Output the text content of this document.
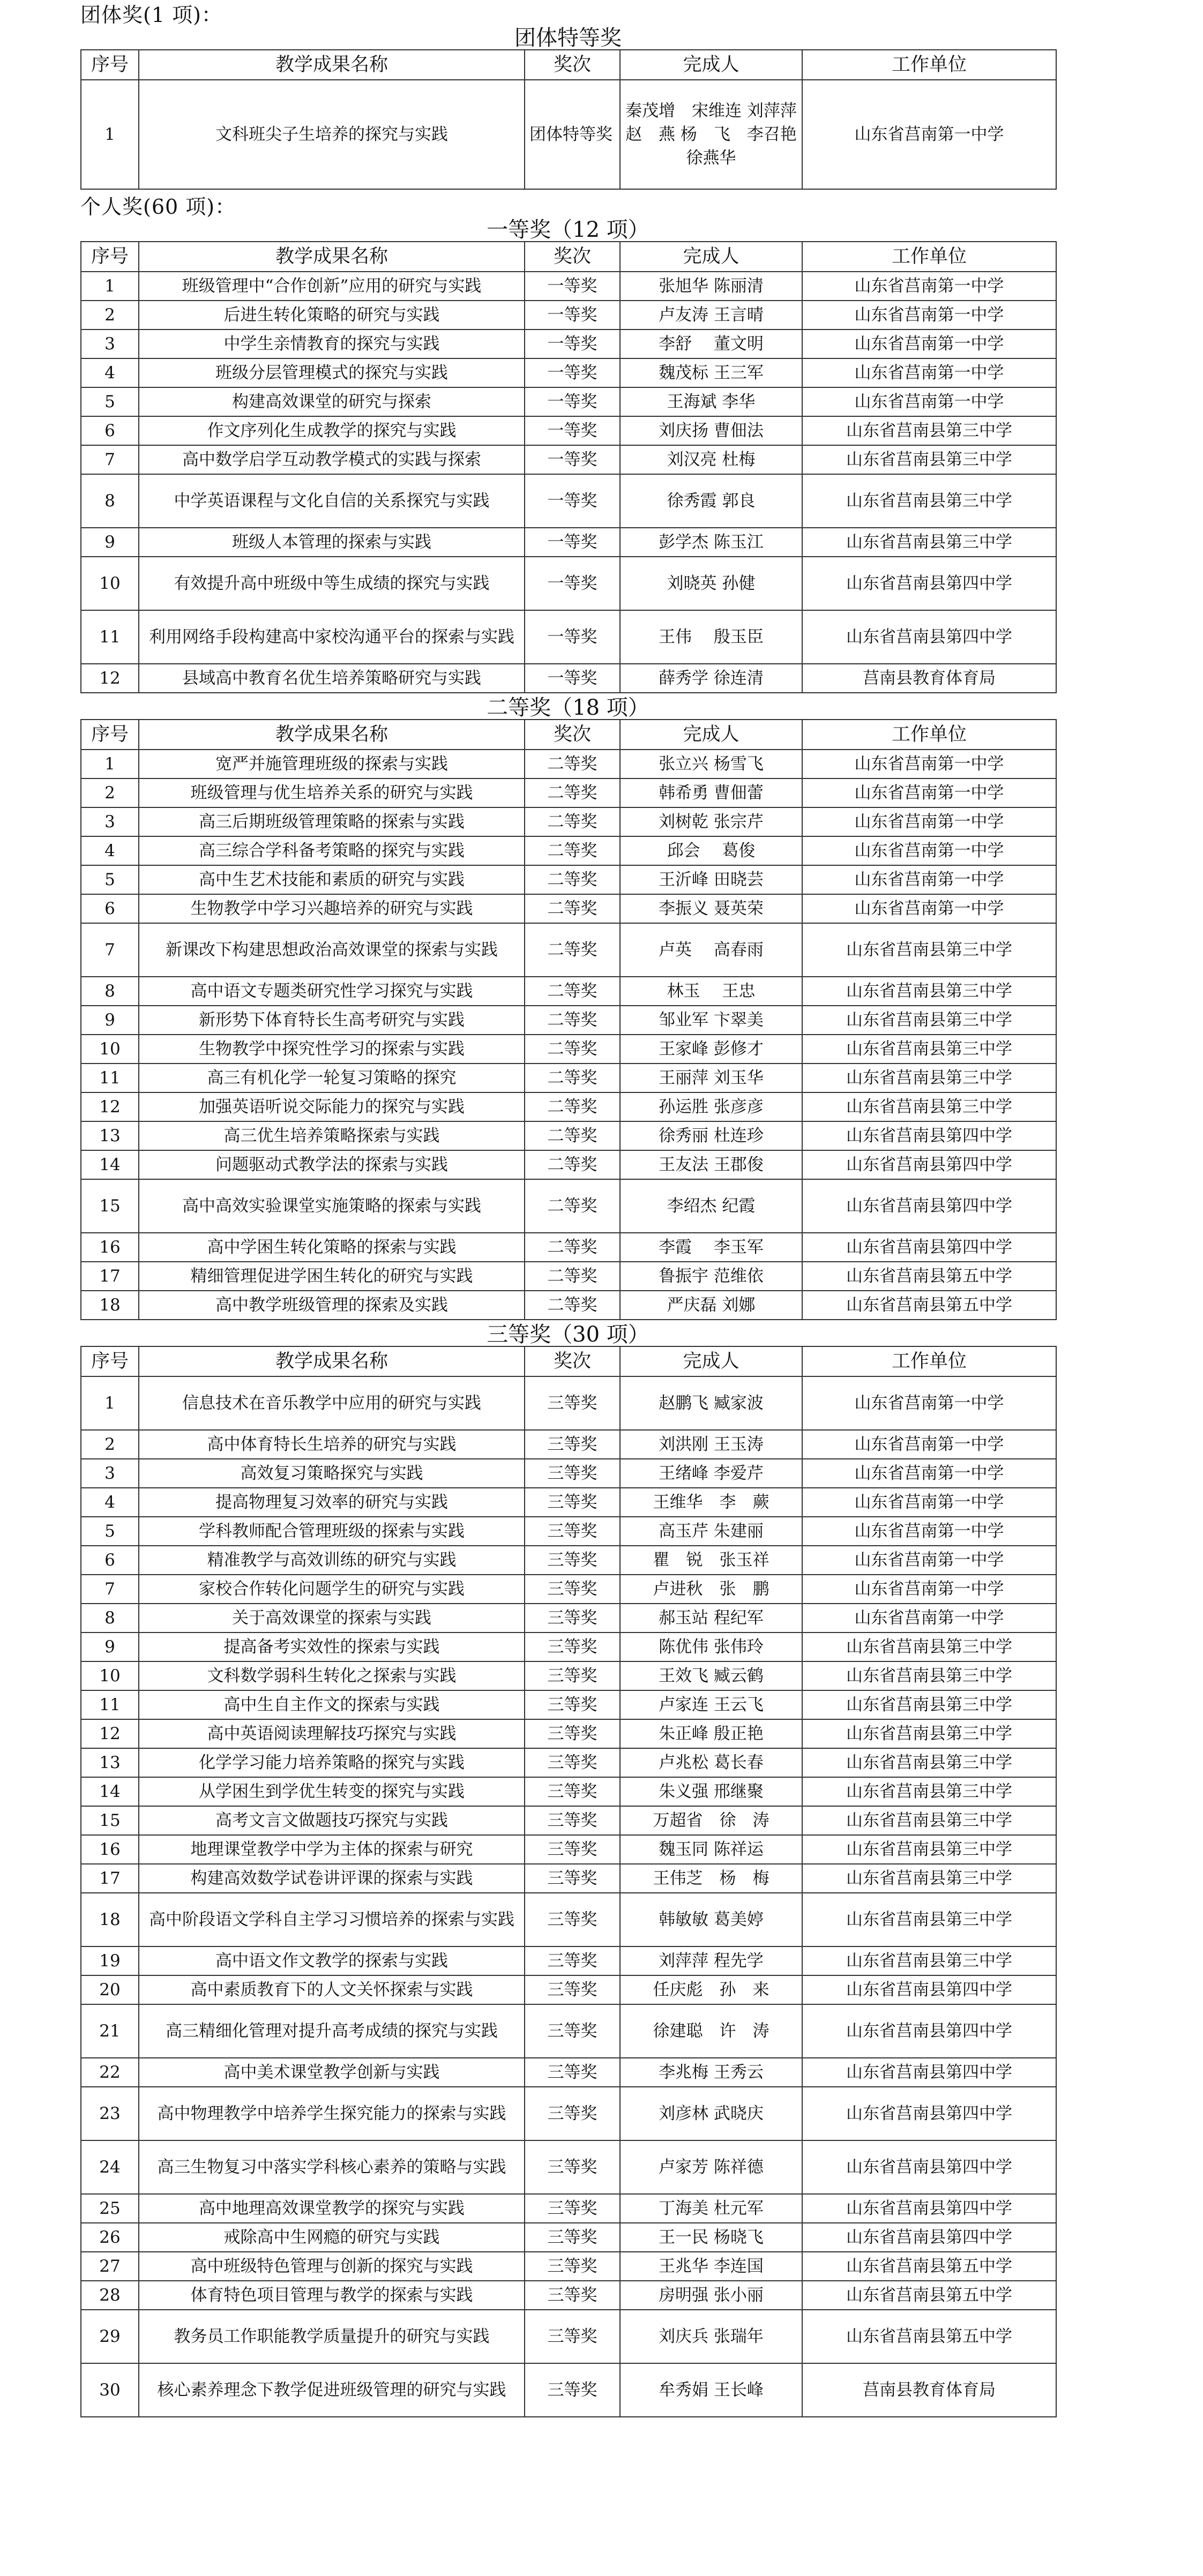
团体奖(1 项)：

团体特等奖

序号	教学成果名称	奖次	完成人	工作单位
1	文科班尖子生培养的探究与实践	团体特等奖	秦茂增　宋维连 刘萍萍　赵　燕 杨　飞　李召艳 徐燕华	山东省莒南第一中学

个人奖(60 项)：

一等奖（12 项）

序号	教学成果名称	奖次	完成人	工作单位
1	班级管理中“合作创新”应用的研究与实践	一等奖	张旭华 陈丽清	山东省莒南第一中学
2	后进生转化策略的研究与实践	一等奖	卢友涛 王言晴	山东省莒南第一中学
3	中学生亲情教育的探究与实践	一等奖	李舒　 董文明	山东省莒南第一中学
4	班级分层管理模式的探究与实践	一等奖	魏茂标 王三军	山东省莒南第一中学
5	构建高效课堂的研究与探索	一等奖	王海斌 李华	山东省莒南第一中学
6	作文序列化生成教学的探究与实践	一等奖	刘庆扬 曹佃法	山东省莒南县第三中学
7	高中数学启学互动教学模式的实践与探索	一等奖	刘汉亮 杜梅	山东省莒南县第三中学
8	中学英语课程与文化自信的关系探究与实践	一等奖	徐秀霞 郭良	山东省莒南县第三中学
9	班级人本管理的探索与实践	一等奖	彭学杰 陈玉江	山东省莒南县第三中学
10	有效提升高中班级中等生成绩的探究与实践	一等奖	刘晓英 孙健	山东省莒南县第四中学
11	利用网络手段构建高中家校沟通平台的探索与实践	一等奖	王伟　 殷玉臣	山东省莒南县第四中学
12	县域高中教育名优生培养策略研究与实践	一等奖	薛秀学 徐连清	莒南县教育体育局

二等奖（18 项）

序号	教学成果名称	奖次	完成人	工作单位
1	宽严并施管理班级的探索与实践	二等奖	张立兴 杨雪飞	山东省莒南第一中学
2	班级管理与优生培养关系的研究与实践	二等奖	韩希勇 曹佃蕾	山东省莒南第一中学
3	高三后期班级管理策略的探索与实践	二等奖	刘树乾 张宗芹	山东省莒南第一中学
4	高三综合学科备考策略的探究与实践	二等奖	邱会　 葛俊	山东省莒南第一中学
5	高中生艺术技能和素质的研究与实践	二等奖	王沂峰 田晓芸	山东省莒南第一中学
6	生物教学中学习兴趣培养的研究与实践	二等奖	李振义 聂英荣	山东省莒南第一中学
7	新课改下构建思想政治高效课堂的探索与实践	二等奖	卢英　 高春雨	山东省莒南县第三中学
8	高中语文专题类研究性学习探究与实践	二等奖	林玉　 王忠	山东省莒南县第三中学
9	新形势下体育特长生高考研究与实践	二等奖	邹业军 卞翠美	山东省莒南县第三中学
10	生物教学中探究性学习的探索与实践	二等奖	王家峰 彭修才	山东省莒南县第三中学
11	高三有机化学一轮复习策略的探究	二等奖	王丽萍 刘玉华	山东省莒南县第三中学
12	加强英语听说交际能力的探究与实践	二等奖	孙运胜 张彦彦	山东省莒南县第三中学
13	高三优生培养策略探索与实践	二等奖	徐秀丽 杜连珍	山东省莒南县第四中学
14	问题驱动式教学法的探索与实践	二等奖	王友法 王郡俊	山东省莒南县第四中学
15	高中高效实验课堂实施策略的探索与实践	二等奖	李绍杰 纪霞	山东省莒南县第四中学
16	高中学困生转化策略的探索与实践	二等奖	李霞　 李玉军	山东省莒南县第四中学
17	精细管理促进学困生转化的研究与实践	二等奖	鲁振宇 范维依	山东省莒南县第五中学
18	高中教学班级管理的探索及实践	二等奖	严庆磊 刘娜	山东省莒南县第五中学

三等奖（30 项）

序号	教学成果名称	奖次	完成人	工作单位
1	信息技术在音乐教学中应用的研究与实践	三等奖	赵鹏飞 臧家波	山东省莒南第一中学
2	高中体育特长生培养的研究与实践	三等奖	刘洪刚 王玉涛	山东省莒南第一中学
3	高效复习策略探究与实践	三等奖	王绪峰 李爱芹	山东省莒南第一中学
4	提高物理复习效率的研究与实践	三等奖	王维华　李　蕨	山东省莒南第一中学
5	学科教师配合管理班级的探索与实践	三等奖	高玉芹 朱建丽	山东省莒南第一中学
6	精准教学与高效训练的研究与实践	三等奖	瞿　锐　张玉祥	山东省莒南第一中学
7	家校合作转化问题学生的研究与实践	三等奖	卢进秋　张　鹏	山东省莒南第一中学
8	关于高效课堂的探索与实践	三等奖	郝玉站 程纪军	山东省莒南第一中学
9	提高备考实效性的探索与实践	三等奖	陈优伟 张伟玲	山东省莒南县第三中学
10	文科数学弱科生转化之探索与实践	三等奖	王效飞 臧云鹤	山东省莒南县第三中学
11	高中生自主作文的探索与实践	三等奖	卢家连 王云飞	山东省莒南县第三中学
12	高中英语阅读理解技巧探究与实践	三等奖	朱正峰 殷正艳	山东省莒南县第三中学
13	化学学习能力培养策略的探究与实践	三等奖	卢兆松 葛长春	山东省莒南县第三中学
14	从学困生到学优生转变的探究与实践	三等奖	朱义强 邢继聚	山东省莒南县第三中学
15	高考文言文做题技巧探究与实践	三等奖	万超省　徐　涛	山东省莒南县第三中学
16	地理课堂教学中学为主体的探索与研究	三等奖	魏玉同 陈祥运	山东省莒南县第三中学
17	构建高效数学试卷讲评课的探索与实践	三等奖	王伟芝　杨　梅	山东省莒南县第三中学
18	高中阶段语文学科自主学习习惯培养的探索与实践	三等奖	韩敏敏 葛美婷	山东省莒南县第三中学
19	高中语文作文教学的探索与实践	三等奖	刘萍萍 程先学	山东省莒南县第三中学
20	高中素质教育下的人文关怀探索与实践	三等奖	任庆彪　孙　来	山东省莒南县第四中学
21	高三精细化管理对提升高考成绩的探究与实践	三等奖	徐建聪　许　涛	山东省莒南县第四中学
22	高中美术课堂教学创新与实践	三等奖	李兆梅 王秀云	山东省莒南县第四中学
23	高中物理教学中培养学生探究能力的探索与实践	三等奖	刘彦林 武晓庆	山东省莒南县第四中学
24	高三生物复习中落实学科核心素养的策略与实践	三等奖	卢家芳 陈祥德	山东省莒南县第四中学
25	高中地理高效课堂教学的探究与实践	三等奖	丁海美 杜元军	山东省莒南县第四中学
26	戒除高中生网瘾的研究与实践	三等奖	王一民 杨晓飞	山东省莒南县第四中学
27	高中班级特色管理与创新的探究与实践	三等奖	王兆华 李连国	山东省莒南县第五中学
28	体育特色项目管理与教学的探索与实践	三等奖	房明强 张小丽	山东省莒南县第五中学
29	教务员工作职能教学质量提升的研究与实践	三等奖	刘庆兵 张瑞年	山东省莒南县第五中学
30	核心素养理念下教学促进班级管理的研究与实践	三等奖	牟秀娟 王长峰	莒南县教育体育局
